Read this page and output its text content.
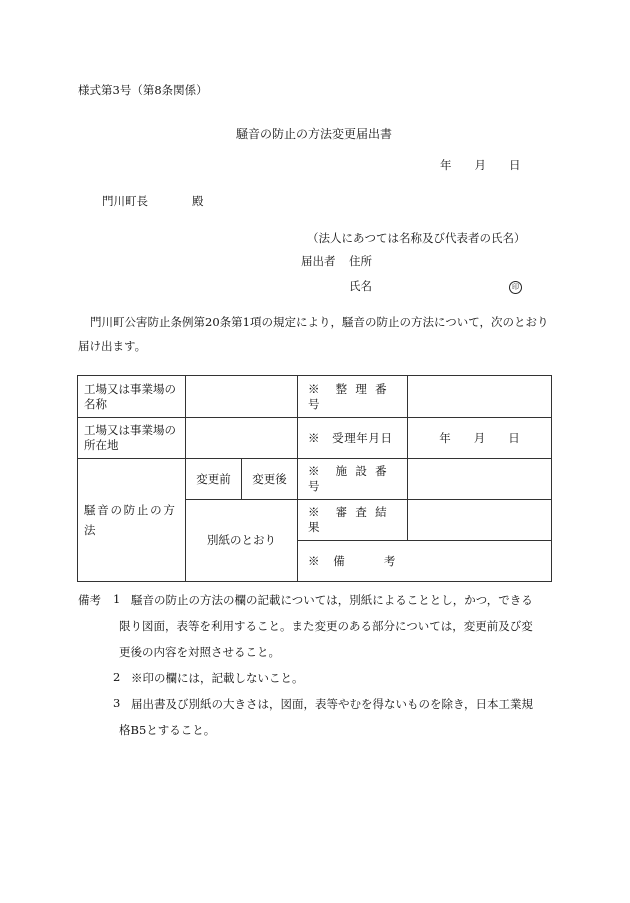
様式第3号（第8条関係）
騒音の防止の方法変更届出書
年　　月　　日
門川町長	殿
（法人にあつては名称及び代表者の氏名）
届出者 住所
氏名	印
門川町公害防止条例第20条第1項の規定により，騒音の防止の方法について，次のとおり届け出ます。
工場又は事業場の名称			※　整 理 番 号	
工場又は事業場の所在地			※　受理年月日	年　　月　　日
騒音の防止の方法	変更前	変更後	※　施 設 番 号	
	別紙のとおり		※　審 査 結 果	
			※　備　　　考	
備考 1 騒音の防止の方法の欄の記載については，別紙によることとし，かつ，できる
限り図面，表等を利用すること。また変更のある部分については，変更前及び変
更後の内容を対照させること。
2 ※印の欄には，記載しないこと。
3 届出書及び別紙の大きさは，図面，表等やむを得ないものを除き，日本工業規
格B5とすること。
